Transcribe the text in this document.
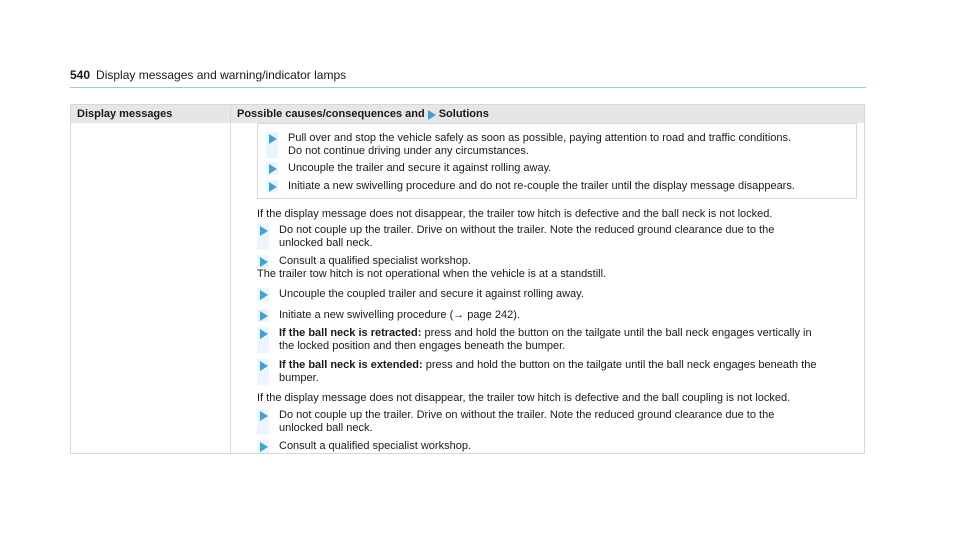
540 Display messages and warning/indicator lamps
Display messages	Possible causes/consequences and Solutions
Pull over and stop the vehicle safely as soon as possible, paying attention to road and traffic conditions.
Do not continue driving under any circumstances.
Uncouple the trailer and secure it against rolling away.
Initiate a new swivelling procedure and do not re-couple the trailer until the display message disappears.
If the display message does not disappear, the trailer tow hitch is defective and the ball neck is not locked.
Do not couple up the trailer. Drive on without the trailer. Note the reduced ground clearance due to the
unlocked ball neck.
Consult a qualified specialist workshop.
The trailer tow hitch is not operational when the vehicle is at a standstill.
Uncouple the coupled trailer and secure it against rolling away.
Initiate a new swivelling procedure (→ page 242).
If the ball neck is retracted: press and hold the button on the tailgate until the ball neck engages vertically in
the locked position and then engages beneath the bumper.
If the ball neck is extended: press and hold the button on the tailgate until the ball neck engages beneath the
bumper.
If the display message does not disappear, the trailer tow hitch is defective and the ball coupling is not locked.
Do not couple up the trailer. Drive on without the trailer. Note the reduced ground clearance due to the
unlocked ball neck.
Consult a qualified specialist workshop.
